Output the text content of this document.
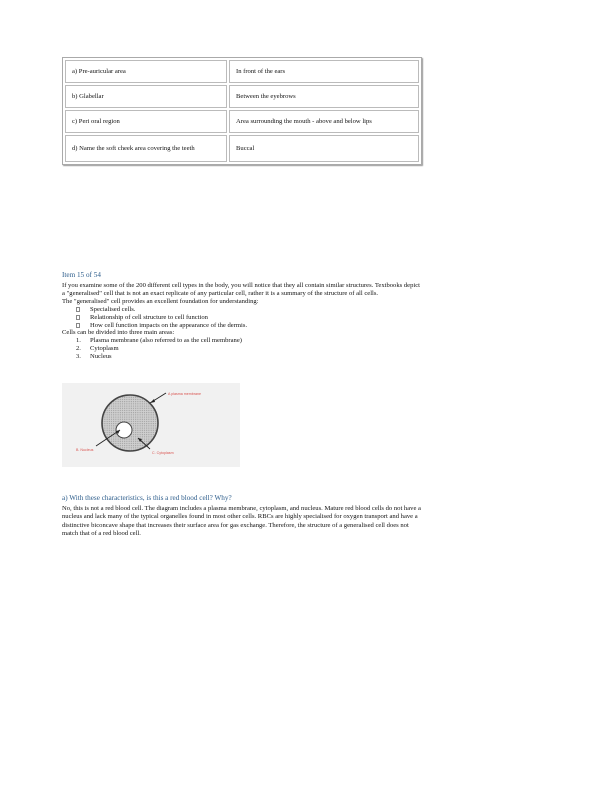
a) Pre-auricular area	In front of the ears
b) Glabellar	Between the eyebrows
c) Peri oral region	Area surrounding the mouth - above and below lips
d) Name the soft cheek area covering the teeth	Buccal
Item 15 of 54

If you examine some of the 200 different cell types in the body, you will notice that they all contain similar structures. Textbooks depict a "generalised" cell that is not an exact replicate of any particular cell, rather it is a summary of the structure of all cells.

The "generalised" cell provides an excellent foundation for understanding:

Specialised cells.
Relationship of cell structure to cell function
How cell function impacts on the appearance of the dermis.

Cells can be divided into three main areas:

1. Plasma membrane (also referred to as the cell membrane)
2. Cytoplasm
3. Nucleus
A plasma membrane
B. Nucleus
C. Cytoplasm
a) With these characteristics, is this a red blood cell? Why?

No, this is not a red blood cell. The diagram includes a plasma membrane, cytoplasm, and nucleus. Mature red blood cells do not have a nucleus and lack many of the typical organelles found in most other cells. RBCs are highly specialised for oxygen transport and have a distinctive biconcave shape that increases their surface area for gas exchange. Therefore, the structure of a generalised cell does not match that of a red blood cell.
